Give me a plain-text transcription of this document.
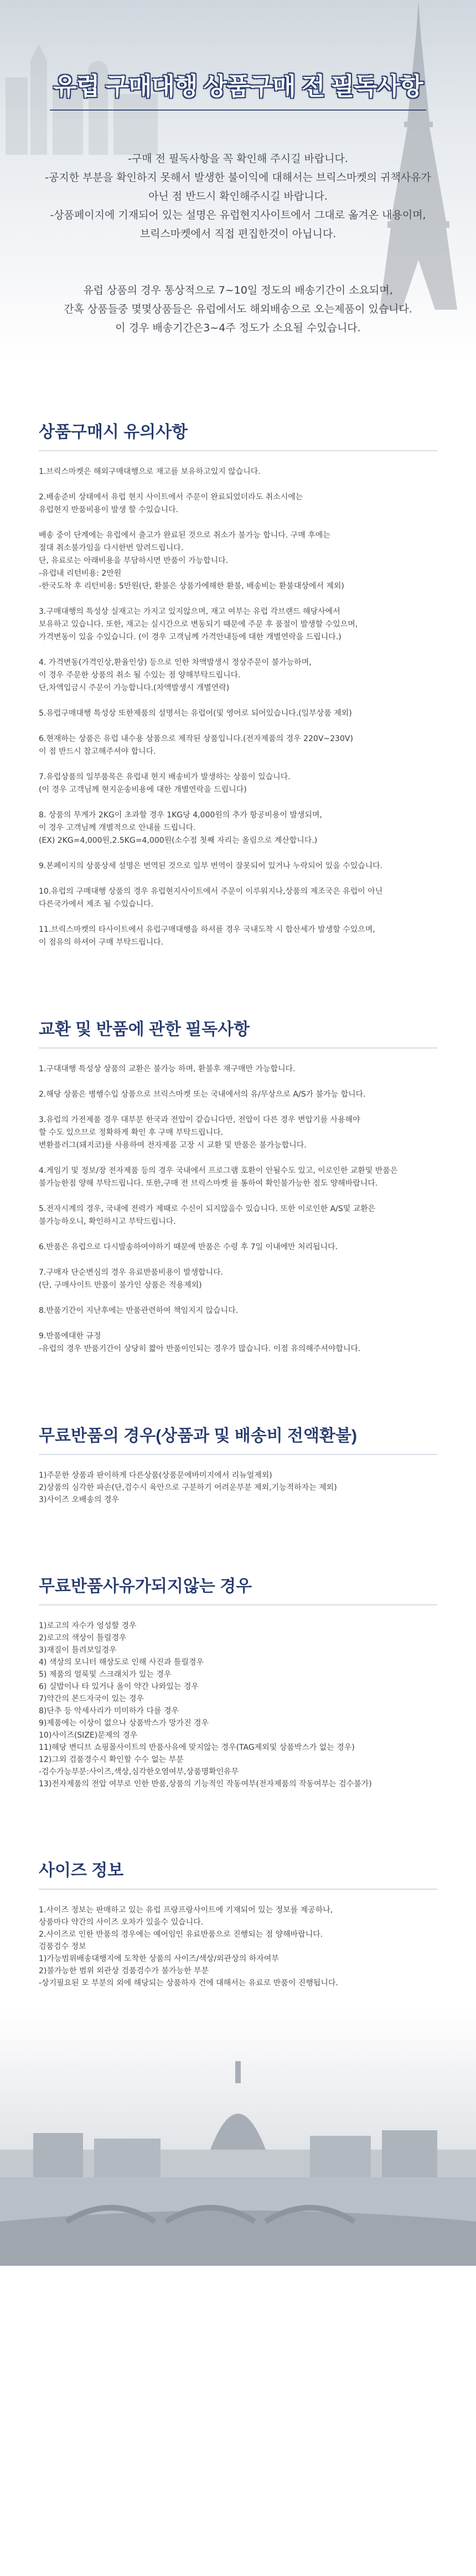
유럽 구매대행 상품구매 전 필독사항
-구매 전 필독사항을 꼭 확인해 주시길 바랍니다.
-공지한 부분을 확인하지 못해서 발생한 불이익에 대해서는 브릭스마켓의 귀책사유가
아닌 점 반드시 확인해주시길 바랍니다.
-상품페이지에 기재되어 있는 설명은 유럽현지사이트에서 그대로 옮겨온 내용이며,
브릭스마켓에서 직접 편집한것이 아닙니다.
유럽 상품의 경우 통상적으로 7~10일 정도의 배송기간이 소요되며,
간혹 상품들중 몇몇상품들은 유럽에서도 해외배송으로 오는제품이 있습니다.
이 경우 배송기간은3~4주 정도가 소요될 수있습니다.
상품구매시 유의사항
1.브릭스마켓은 해외구매대행으로 재고를 보유하고있지 않습니다.
2.배송준비 상태에서 유럽 현지 사이트에서 주문이 완료되었더라도 취소시에는
유럽현지 반품비용이 발생 할 수있습니다.
배송 중이 단계에는 유럽에서 출고가 완료된 것으로 취소가 불가능 합니다. 구매 후에는
절대 취소불가임을 다시한번 알려드립니다.
단, 유료로는 아래비용을 부담하시면 반품이 가능합니다.
-유럽내 리턴비용: 2만원
-한국도착 후 리턴비용: 5만원(단, 환불은 상품가에해한 환불, 배송비는 환불대상에서 제외)
3.구매대행의 특성상 실재고는 가지고 있지않으며, 재고 여부는 유럽 각브랜드 해당사에서
보유하고 있습니다. 또한, 재고는 실시간으로 변동되기 때문에 주문 후 품절이 발생할 수있으며,
가격변동이 있을 수있습니다. (이 경우 고객님께 가격안내등에 대한 개별연락을 드립니다.)
4. 가격변동(가격인상,환율인상) 등으로 인한 차액발생시 정상주문이 불가능하며,
이 경우 주문한 상품의 취소 될 수있는 점 양해부탁드립니다.
단,차액입금시 주문이 가능합니다.(차액발생시 개별연락)
5.유럽구매대행 특성상 또한제품의 설명서는 유럽어(및 영어로 되어있습니다.(일부상품 제외)
6.현재하는 상품은 유럽 내수용 상품으로 제작된 상품입니다.(전자제품의 경우 220V~230V)
이 점 반드시 참고해주셔야 합니다.
7.유럽상품의 일부품목은 유럽내 현지 배송비가 발생하는 상품이 있습니다.
(이 경우 고객님께 현지운송비용에 대한 개별연락을 드립니다)
8. 상품의 무게가 2KG이 초과할 경우 1KG당 4,000원의 추가 항공비용이 발생되며,
이 경우 고객님께 개별적으로 안내를 드립니다.
(EX) 2KG=4,000원,2.5KG=4,000원(소수점 첫째 자리는 올림으로 계산합니다.)
9.본페이지의 상품상세 설명은 번역된 것으로 일부 번역이 잘못되어 있거나 누락되어 있을 수있습니다.
10.유럽의 구매대행 상품의 경우 유럽현지사이트에서 주문이 이루워지나,상품의 제조국은 유럽이 아닌
다른국가에서 제조 될 수있습니다.
11.브릭스마켓의 타사이트에서 유럽구매대행을 하셔를 경우 국내도착 시 합산세가 발생할 수있으며,
이 점유의 하셔어 구매 부탁드립니다.
교환 및 반품에 관한 필독사항
1.구대대행 특성상 상품의 교환은 불가능 하며, 환불후 재구매만 가능합니다.
2.해당 상품은 병행수입 상품으로 브릭스마켓 또는 국내에서의 유/무상으로 A/S가 불가능 합니다.
3.유럽의 가전제품 경우 대부분 한국과 전압이 같습니다만, 전압이 다른 경우 변압기를 사용해야
할 수도 있으므로 정확하게 확인 후 구매 부탁드립니다.
변환플러그(돼지코)를 사용하여 전자제품 고장 시 교환 및 반품은 불가능합니다.
4.게임기 및 정보/장 전자제품 등의 경우 국내에서 프로그램 호환이 안될수도 있고, 이로인한 교환및 반품은
불가능한점 양해 부탁드립니다. 또한,구매 전 브릭스마켓 를 통하여 확인불가능한 점도 양해바랍니다.
5.전자시계의 경우, 국내에 전력가 제때로 수신이 되지않을수 있습니다. 또한 이로인한 A/S및 교환은
불가능하오니, 확인하시고 부탁드립니다.
6.반품은 유럽으로 다시발송하여야하기 때문에 반품은 수령 후 7일 이내에만 처리됩니다.
7.구매자 단순변심의 경우 유료반품비용이 발생합니다.
(단, 구매사이트 반품이 불가인 상품은 적용제외)
8.반품기간이 지난후에는 반품관련하여 책임지지 않습니다.
9.반품에대한 규정
-유럽의 경우 반품기간이 상당히 짧아 반품이인되는 경우가 많습니다. 이점 유의해주셔야합니다.
무료반품의 경우(상품과 및 배송비 전액환불)
1)주문한 상품과 판이하게 다른상품(상품문에바미지에서 리뉴얼제외)
2)상품의 심각한 파손(단,검수시 육안으로 구분하기 어려운부분 제외,기능적하자는 제외)
3)사이즈 오배송의 경우
무료반품사유가되지않는 경우
1)로고의 자수가 엉성할 경우
2)로고의 색상이 틀릴경우
3)재질이 틀려보일경우
4) 색상의 모니터 해상도로 인해 사진과 틀릴경우
5) 제품의 얼룩및 스크래치가 있는 경우
6) 실밥이나 타 있거나 올이 약간 나와있는 경우
7)약간의 본드자국이 있는 경우
8)단추 등 악세사리가 미미하가 다를 경우
9)제품에는 이상이 없으나 상품박스가 망가진 경우
10)사이즈(SIZE)문제의 경우
11)해당 변디브 쇼핑몰사이트의 반품사유에 맞지않는 경우(TAG제외및 상품박스가 없는 경우)
12)그외 검품경수시 확인할 수수 없는 부분
-검수가능부분:사이즈,색상,심각한오염여부,상품명확인유무
13)전자제품의 전압 여부로 인한 반품,상품의 기능적인 작동여부(전자제품의 작동여부는 검수불가)
사이즈 정보
1.사이즈 정보는 판매하고 있는 유럽 프랑프랑사이트에 기재되어 있는 정보를 제공하나,
상품마다 약간의 사이즈 오차가 있을수 있습니다.
2.사이즈로 인한 반품의 경우에는 예어임인 유료반품으로 진행되는 점 양해바랍니다.
검품검수 정보
1)가능범위배송대행지에 도착한 상품의 사이즈/색상/외관상의 하자여부
2)불가능한 범위 외관상 검품검수가 불가능한 부분
-상기필요된 모 부분의 외에 해당되는 상품하자 건에 대해서는 유료로 반품이 진행됩니다.
